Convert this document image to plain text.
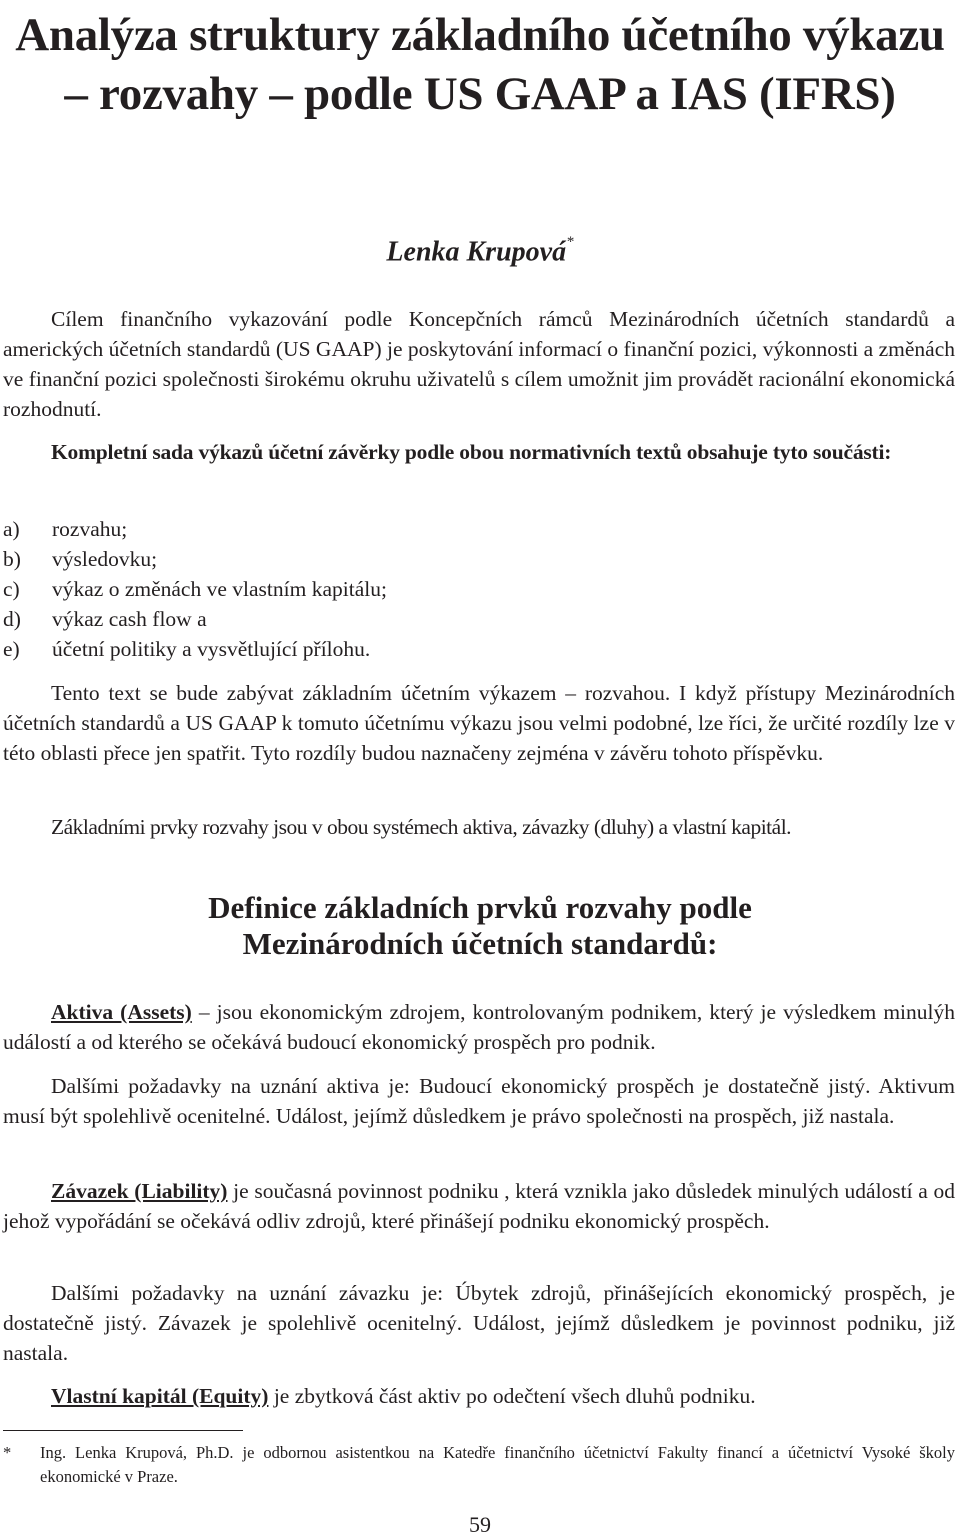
Analýza struktury základního účetního výkazu – rozvahy – podle US GAAP a IAS (IFRS)
Lenka Krupová*

Cílem finančního vykazování podle Koncepčních rámců Mezinárodních účetních standardů a amerických účetních standardů (US GAAP) je poskytování informací o finanční pozici, výkonnosti a změnách ve finanční pozici společnosti širokému okruhu uživatelů s cílem umožnit jim provádět racionální ekonomická rozhodnutí.

Kompletní sada výkazů účetní závěrky podle obou normativních textů obsahuje tyto součásti:

a)	rozvahu;
b)	výsledovku;
c)	výkaz o změnách ve vlastním kapitálu;
d)	výkaz cash flow a
e)	účetní politiky a vysvětlující přílohu.

Tento text se bude zabývat základním účetním výkazem – rozvahou. I když přístupy Mezinárodních účetních standardů a US GAAP k tomuto účetnímu výkazu jsou velmi podobné, lze říci, že určité rozdíly lze v této oblasti přece jen spatřit. Tyto rozdíly budou naznačeny zejména v závěru tohoto příspěvku.

Základními prvky rozvahy jsou v obou systémech aktiva, závazky (dluhy) a vlastní kapitál.

Definice základních prvků rozvahy podle
Mezinárodních účetních standardů:

Aktiva (Assets) – jsou ekonomickým zdrojem, kontrolovaným podnikem, který je výsledkem minulýh událostí a od kterého se očekává budoucí ekonomický prospěch pro podnik.

Dalšími požadavky na uznání aktiva je: Budoucí ekonomický prospěch je dostatečně jistý. Aktivum musí být spolehlivě ocenitelné. Událost, jejímž důsledkem je právo společnosti na prospěch, již nastala.

Závazek (Liability) je současná povinnost podniku , která vznikla jako důsledek minulých událostí a od jehož vypořádání se očekává odliv zdrojů, které přinášejí podniku ekonomický prospěch.

Dalšími požadavky na uznání závazku je: Úbytek zdrojů, přinášejících ekonomický prospěch, je dostatečně jistý. Závazek je spolehlivě ocenitelný. Událost, jejímž důsledkem je povinnost podniku, již nastala.

Vlastní kapitál (Equity) je zbytková část aktiv po odečtení všech dluhů podniku.

*	Ing. Lenka Krupová, Ph.D. je odbornou asistentkou na Katedře finančního účetnictví Fakulty financí a účetnictví Vysoké školy ekonomické v Praze.
59
